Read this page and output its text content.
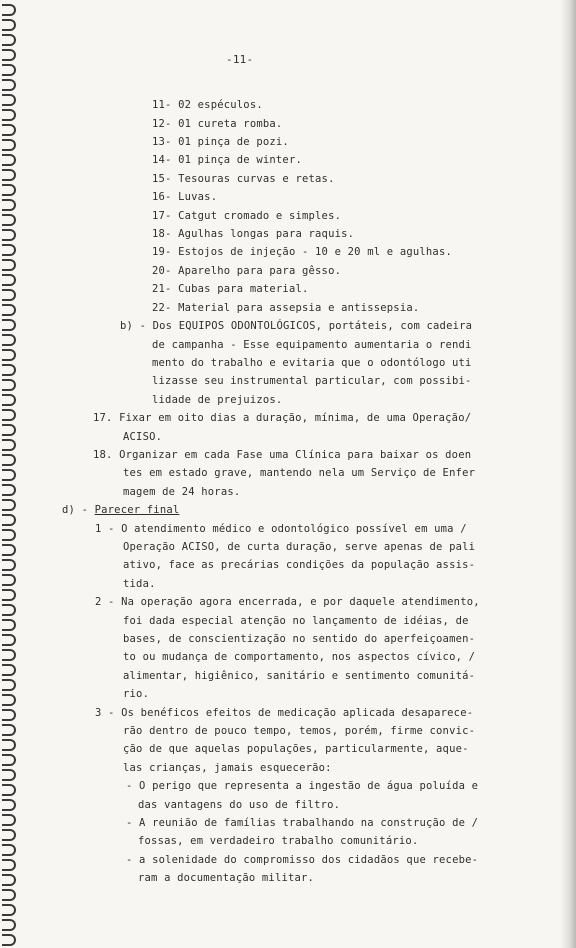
-11-
11- 02 espéculos.
12- 01 cureta romba.
13- 01 pinça de pozi.
14- 01 pinça de winter.
15- Tesouras curvas e retas.
16- Luvas.
17- Catgut cromado e simples.
18- Agulhas longas para raquis.
19- Estojos de injeção - 10 e 20 ml e agulhas.
20- Aparelho para para gêsso.
21- Cubas para material.
22- Material para assepsia e antissepsia.
b) - Dos EQUIPOS ODONTOLÓGICOS, portáteis, com cadeira
de campanha - Esse equipamento aumentaria o rendi
mento do trabalho e evitaria que o odontólogo uti
lizasse seu instrumental particular, com possibi-
lidade de prejuizos.
17. Fixar em oito dias a duração, mínima, de uma Operação/
ACISO.
18. Organizar em cada Fase uma Clínica para baixar os doen
tes em estado grave, mantendo nela um Serviço de Enfer
magem de 24 horas.
d) - Parecer final
1 - O atendimento médico e odontológico possível em uma /
Operação ACISO, de curta duração, serve apenas de pali
ativo, face as precárias condições da população assis-
tida.
2 - Na operação agora encerrada, e por daquele atendimento,
foi dada especial atenção no lançamento de idéias, de
bases, de conscientização no sentido do aperfeiçoamen-
to ou mudança de comportamento, nos aspectos cívico, /
alimentar, higiênico, sanitário e sentimento comunitá-
rio.
3 - Os benéficos efeitos de medicação aplicada desaparece-
rão dentro de pouco tempo, temos, porém, firme convic-
ção de que aquelas populações, particularmente, aque-
las crianças, jamais esquecerão:
- O perigo que representa a ingestão de água poluída e
das vantagens do uso de filtro.
- A reunião de famílias trabalhando na construção de /
fossas, em verdadeiro trabalho comunitário.
- a solenidade do compromisso dos cidadãos que recebe-
ram a documentação militar.
